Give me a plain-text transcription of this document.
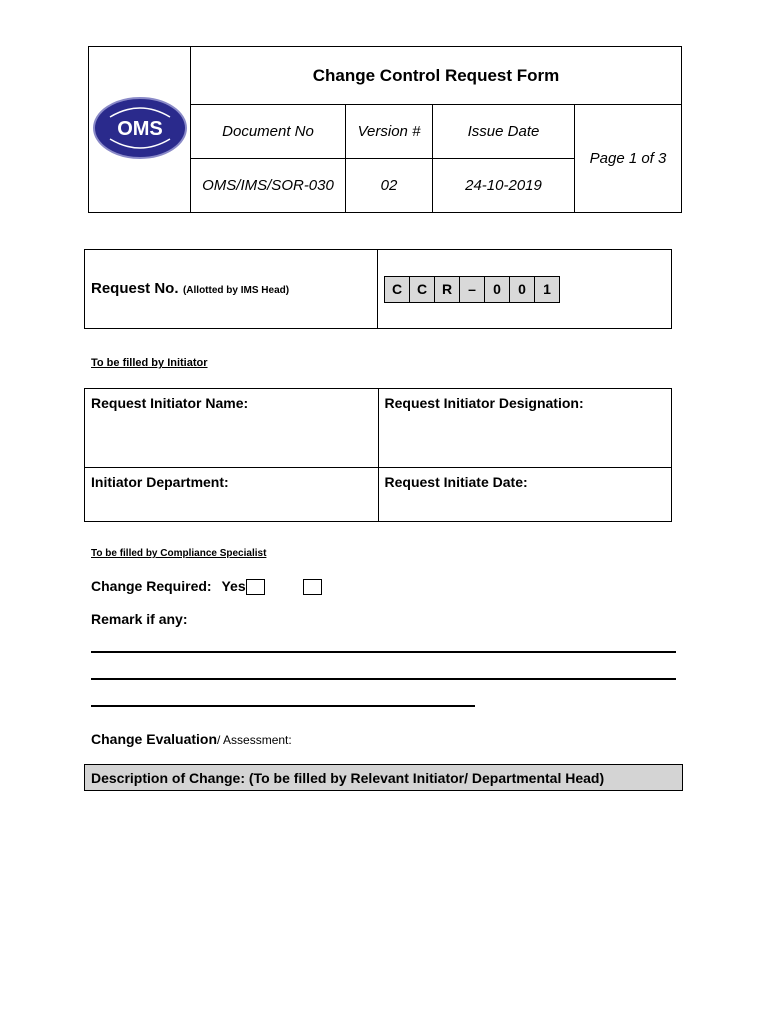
OMS	Change Control Request Form			
	Document No	Version #	Issue Date	Page 1 of 3
	OMS/IMS/SOR-030	02	24-10-2019	
Request No. (Allotted by IMS Head)	C	C	R	–	0	0	1
To be filled by Initiator
Request Initiator Name:	Request Initiator Designation:
Initiator Department:	Request Initiate Date:
To be filled by Compliance Specialist
Change Required: Yes
Remark if any:
Change Evaluation/ Assessment:
Description of Change: (To be filled by Relevant Initiator/ Departmental Head)
